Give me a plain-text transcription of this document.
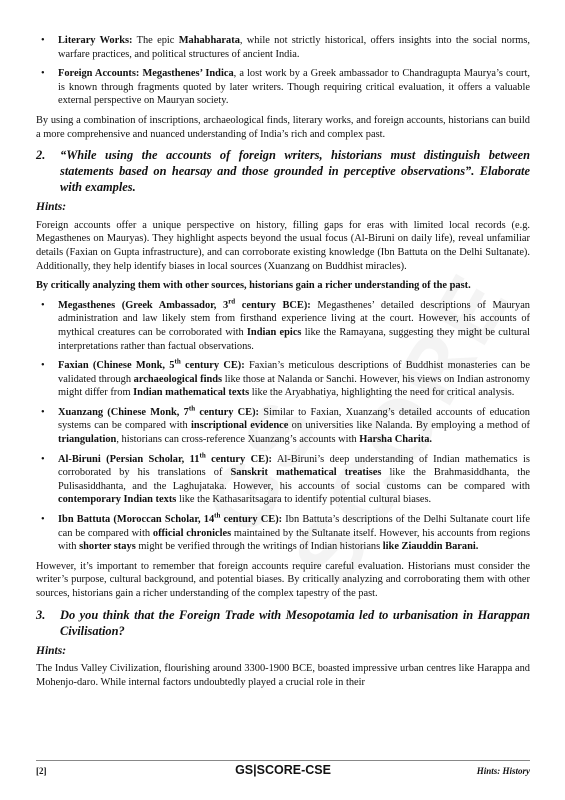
• Literary Works: The epic Mahabharata, while not strictly historical, offers insights into the social norms, warfare practices, and political structures of ancient India.

• Foreign Accounts: Megasthenes’ Indica, a lost work by a Greek ambassador to Chandragupta Maurya’s court, is known through fragments quoted by later writers. Though requiring critical evaluation, it offers a valuable external perspective on Mauryan society.

By using a combination of inscriptions, archaeological finds, literary works, and foreign accounts, historians can build a more comprehensive and nuanced understanding of India’s rich and complex past.

2. “While using the accounts of foreign writers, historians must distinguish between statements based on hearsay and those grounded in perceptive observations”. Elaborate with examples.
Hints:

Foreign accounts offer a unique perspective on history, filling gaps for eras with limited local records (e.g. Megasthenes on Mauryas). They highlight aspects beyond the usual focus (Al-Biruni on daily life), reveal unfamiliar details (Faxian on Gupta infrastructure), and can corroborate existing knowledge (Ibn Battuta on the Delhi Sultanate). Additionally, they help identify biases in local sources (Xuanzang on Buddhist miracles).

By critically analyzing them with other sources, historians gain a richer understanding of the past.

• Megasthenes (Greek Ambassador, 3rd century BCE): Megasthenes’ detailed descriptions of Mauryan administration and law likely stem from firsthand experience living at the court. However, his accounts of mythical creatures can be corroborated with Indian epics like the Ramayana, suggesting they might be cultural interpretations rather than factual observations.

• Faxian (Chinese Monk, 5th century CE): Faxian’s meticulous descriptions of Buddhist monasteries can be validated through archaeological finds like those at Nalanda or Sanchi. However, his views on Indian astronomy might differ from Indian mathematical texts like the Aryabhatiya, highlighting the need for critical analysis.

• Xuanzang (Chinese Monk, 7th century CE): Similar to Faxian, Xuanzang’s detailed accounts of education systems can be compared with inscriptional evidence on universities like Nalanda. By employing a method of triangulation, historians can cross-reference Xuanzang’s accounts with Harsha Charita.

• Al-Biruni (Persian Scholar, 11th century CE): Al-Biruni’s deep understanding of Indian mathematics is corroborated by his translations of Sanskrit mathematical treatises like the Brahmasiddhanta, the Pulisasiddhanta, and the Laghujataka. However, his accounts of social customs can be compared with contemporary Indian texts like the Kathasaritsagara to identify potential cultural biases.

• Ibn Battuta (Moroccan Scholar, 14th century CE): Ibn Battuta’s descriptions of the Delhi Sultanate court life can be compared with official chronicles maintained by the Sultanate itself. However, his accounts from regions with shorter stays might be verified through the writings of Indian historians like Ziauddin Barani.

However, it’s important to remember that foreign accounts require careful evaluation. Historians must consider the writer’s purpose, cultural background, and potential biases. By critically analyzing and corroborating them with other sources, historians gain a richer understanding of the complex tapestry of the past.

3. Do you think that the Foreign Trade with Mesopotamia led to urbanisation in Harappan Civilisation?
Hints:

The Indus Valley Civilization, flourishing around 3300-1900 BCE, boasted impressive urban centres like Harappa and Mohenjo-daro. While internal factors undoubtedly played a crucial role in their

[2]	GS|SCORE-CSE	Hints: History
